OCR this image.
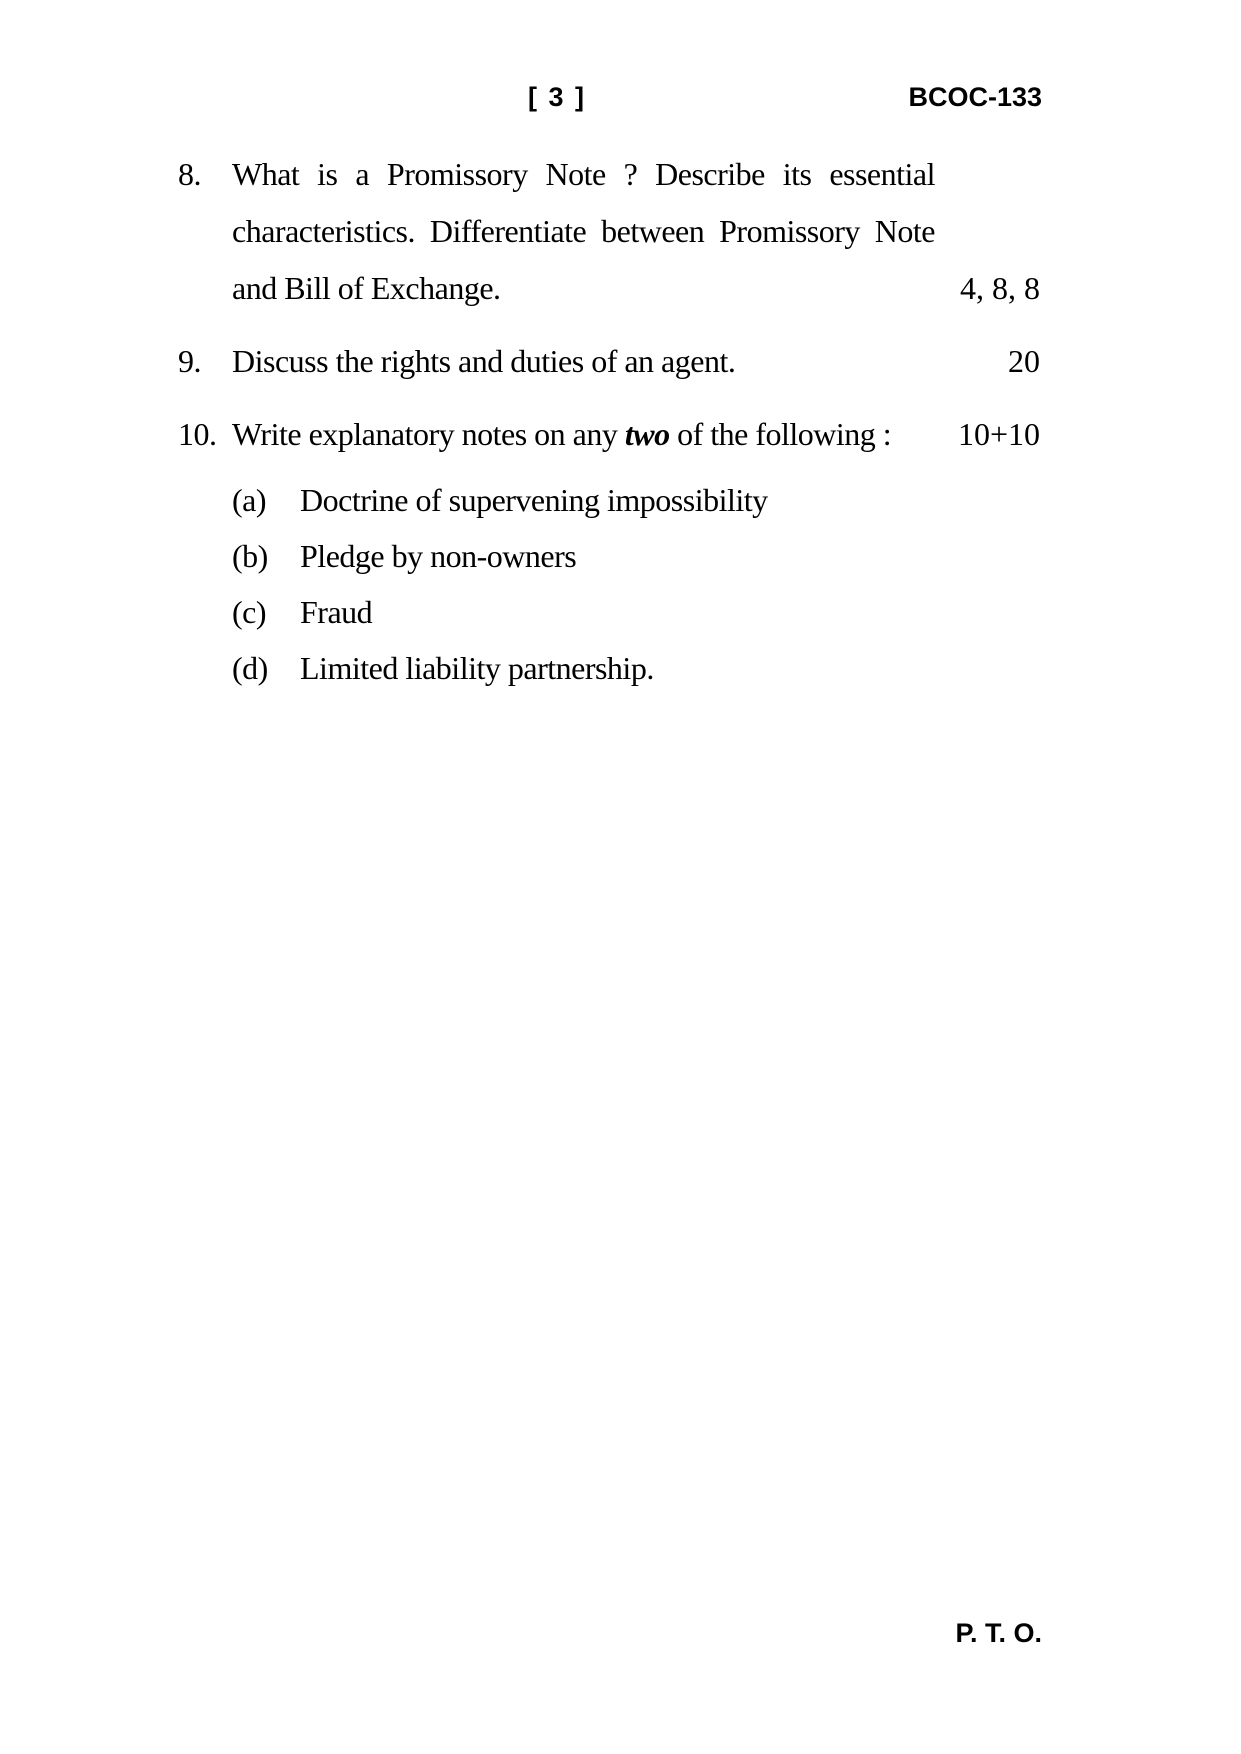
[ 3 ]	BCOC-133
8. What is a Promissory Note ? Describe its essential characteristics. Differentiate between Promissory Note and Bill of Exchange.	4, 8, 8
9. Discuss the rights and duties of an agent.	20
10. Write explanatory notes on any two of the following : 10+10
(a)	Doctrine of supervening impossibility
(b)	Pledge by non-owners
(c)	Fraud
(d)	Limited liability partnership.
P. T. O.
